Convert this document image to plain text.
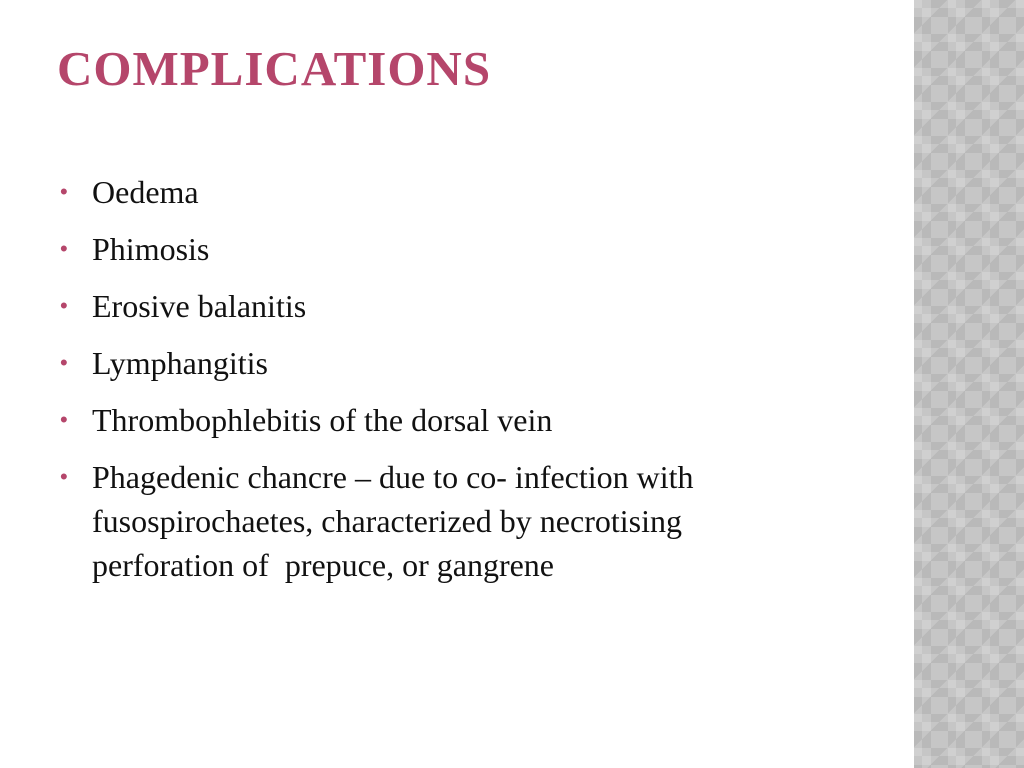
COMPLICATIONS
• Oedema
• Phimosis
• Erosive balanitis
• Lymphangitis
• Thrombophlebitis of the dorsal vein
• Phagedenic chancre – due to co- infection with fusospirochaetes, characterized by necrotising perforation of  prepuce, or gangrene
